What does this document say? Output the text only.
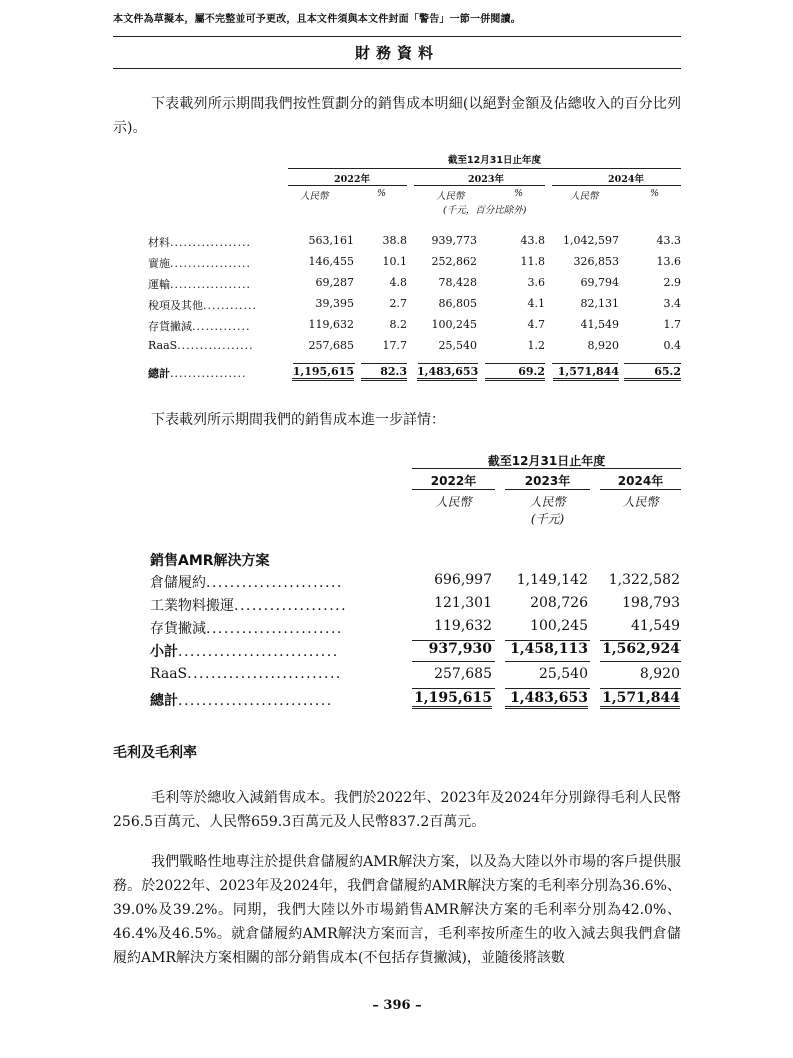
本文件為草擬本，屬不完整並可予更改，且本文件須與本文件封面「警告」一節一併閱讀。
財務資料

下表載列所示期間我們按性質劃分的銷售成本明細(以絕對金額及佔總收入的百分比列示)。

截至12月31日止年度
2022年	2023年	2024年
人民幣	%	人民幣	%	人民幣	%
(千元，百分比除外)
材料..................	563,161	38.8	939,773	43.8	1,042,597	43.3
實施..................	146,455	10.1	252,862	11.8	326,853	13.6
運輸..................	69,287	4.8	78,428	3.6	69,794	2.9
稅項及其他............	39,395	2.7	86,805	4.1	82,131	3.4
存貨撇減.............	119,632	8.2	100,245	4.7	41,549	1.7
RaaS.................	257,685	17.7	25,540	1.2	8,920	0.4
總計.................	1,195,615	82.3 1,483,653	69.2	1,571,844	65.2

下表載列所示期間我們的銷售成本進一步詳情：

截至12月31日止年度
2022年	2023年	2024年
人民幣	人民幣	人民幣
(千元)
銷售AMR解決方案
倉儲履約.......................	696,997	1,149,142	1,322,582
工業物料搬運...................	121,301	208,726	198,793
存貨撇減.......................	119,632	100,245	41,549
小計...........................	937,930	1,458,113 1,562,924
RaaS..........................	257,685	25,540	8,920
總計..........................	1,195,615	1,483,653 1,571,844
毛利及毛利率

毛利等於總收入減銷售成本。我們於2022年、2023年及2024年分別錄得毛利人民幣256.5百萬元、人民幣659.3百萬元及人民幣837.2百萬元。

我們戰略性地專注於提供倉儲履約AMR解決方案，以及為大陸以外市場的客戶提供服務。於2022年、2023年及2024年，我們倉儲履約AMR解決方案的毛利率分別為36.6%、39.0%及39.2%。同期，我們大陸以外市場銷售AMR解決方案的毛利率分別為42.0%、46.4%及46.5%。就倉儲履約AMR解決方案而言，毛利率按所產生的收入減去與我們倉儲履約AMR解決方案相關的部分銷售成本(不包括存貨撇減)，並隨後將該數

– 396 –
